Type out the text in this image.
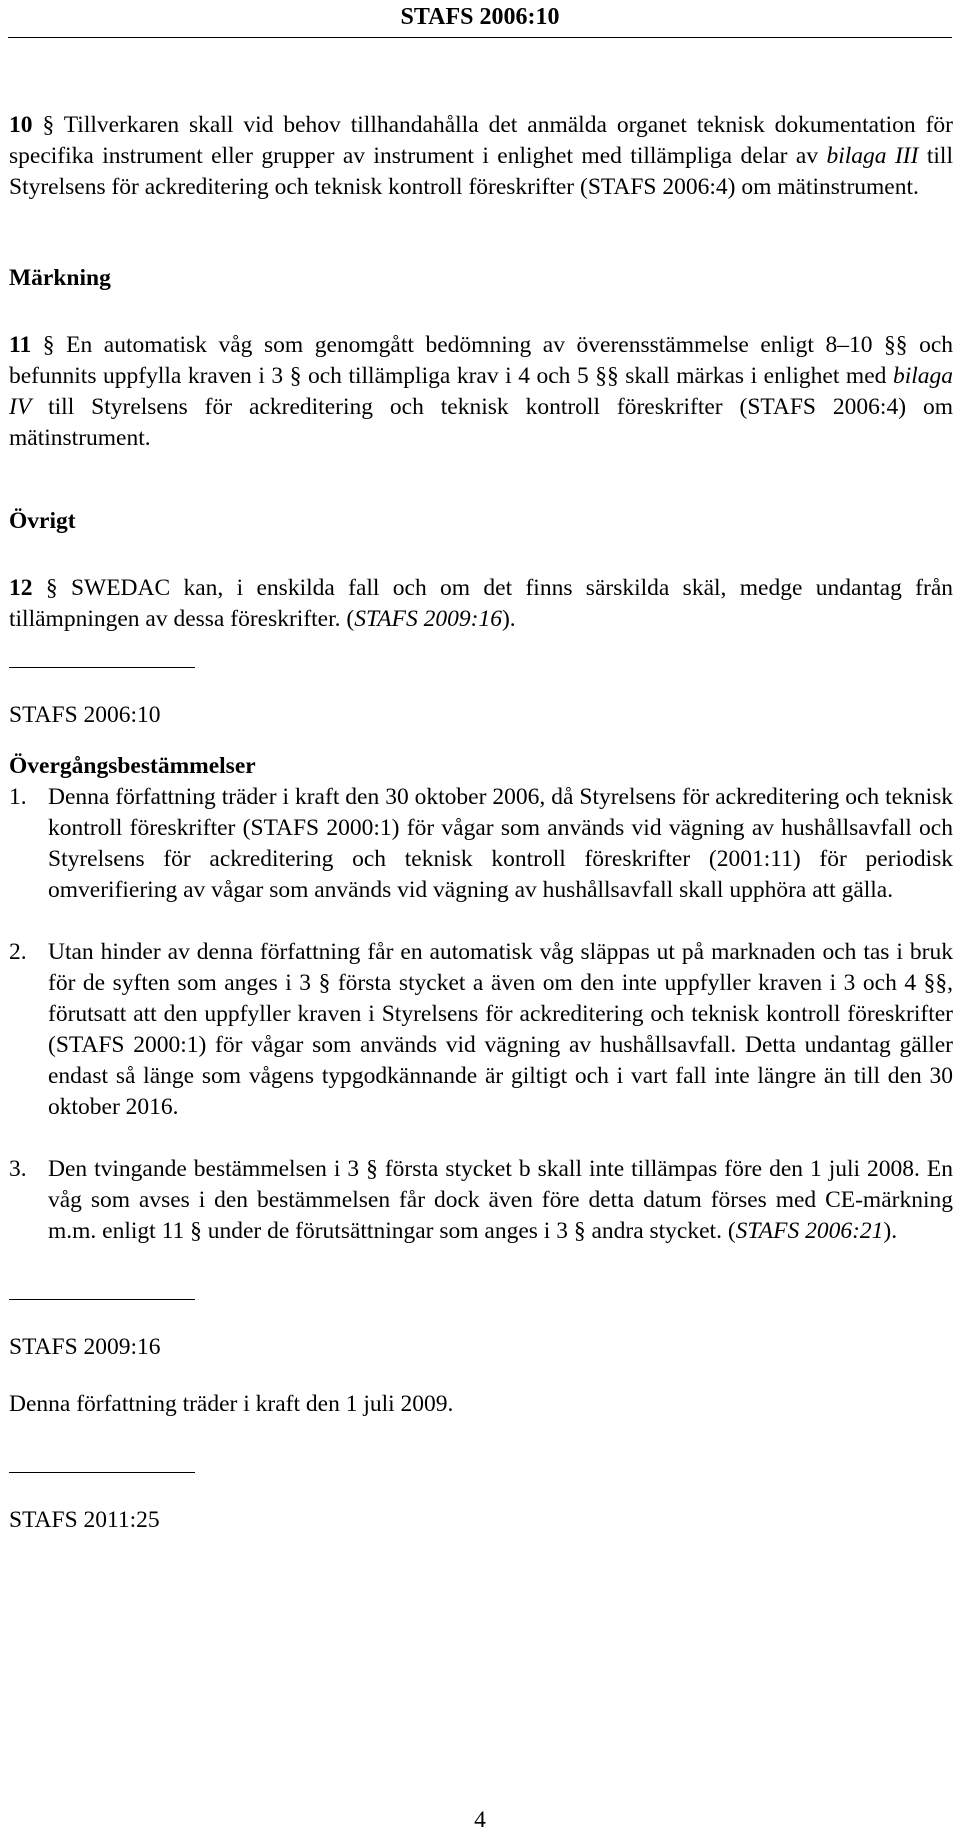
STAFS 2006:10

10 § Tillverkaren skall vid behov tillhandahålla det anmälda organet teknisk dokumentation för specifika instrument eller grupper av instrument i enlighet med tillämpliga delar av bilaga III till Styrelsens för ackreditering och teknisk kontroll föreskrifter (STAFS 2006:4) om mätinstrument.

Märkning

11 § En automatisk våg som genomgått bedömning av överensstämmelse enligt 8–10 §§ och befunnits uppfylla kraven i 3 § och tillämpliga krav i 4 och 5 §§ skall märkas i enlighet med bilaga IV till Styrelsens för ackreditering och teknisk kontroll föreskrifter (STAFS 2006:4) om mätinstrument.

Övrigt

12 § SWEDAC kan, i enskilda fall och om det finns särskilda skäl, medge undantag från tillämpningen av dessa föreskrifter. (STAFS 2009:16).

STAFS 2006:10

Övergångsbestämmelser

1. Denna författning träder i kraft den 30 oktober 2006, då Styrelsens för ackreditering och teknisk kontroll föreskrifter (STAFS 2000:1) för vågar som används vid vägning av hushållsavfall och Styrelsens för ackreditering och teknisk kontroll föreskrifter (2001:11) för periodisk omverifiering av vågar som används vid vägning av hushållsavfall skall upphöra att gälla.
2. Utan hinder av denna författning får en automatisk våg släppas ut på marknaden och tas i bruk för de syften som anges i 3 § första stycket a även om den inte uppfyller kraven i 3 och 4 §§, förutsatt att den uppfyller kraven i Styrelsens för ackreditering och teknisk kontroll föreskrifter (STAFS 2000:1) för vågar som används vid vägning av hushållsavfall. Detta undantag gäller endast så länge som vågens typgodkännande är giltigt och i vart fall inte längre än till den 30 oktober 2016.
3. Den tvingande bestämmelsen i 3 § första stycket b skall inte tillämpas före den 1 juli 2008. En våg som avses i den bestämmelsen får dock även före detta datum förses med CE-märkning m.m. enligt 11 § under de förutsättningar som anges i 3 § andra stycket. (STAFS 2006:21).

STAFS 2009:16

Denna författning träder i kraft den 1 juli 2009.

STAFS 2011:25

4
